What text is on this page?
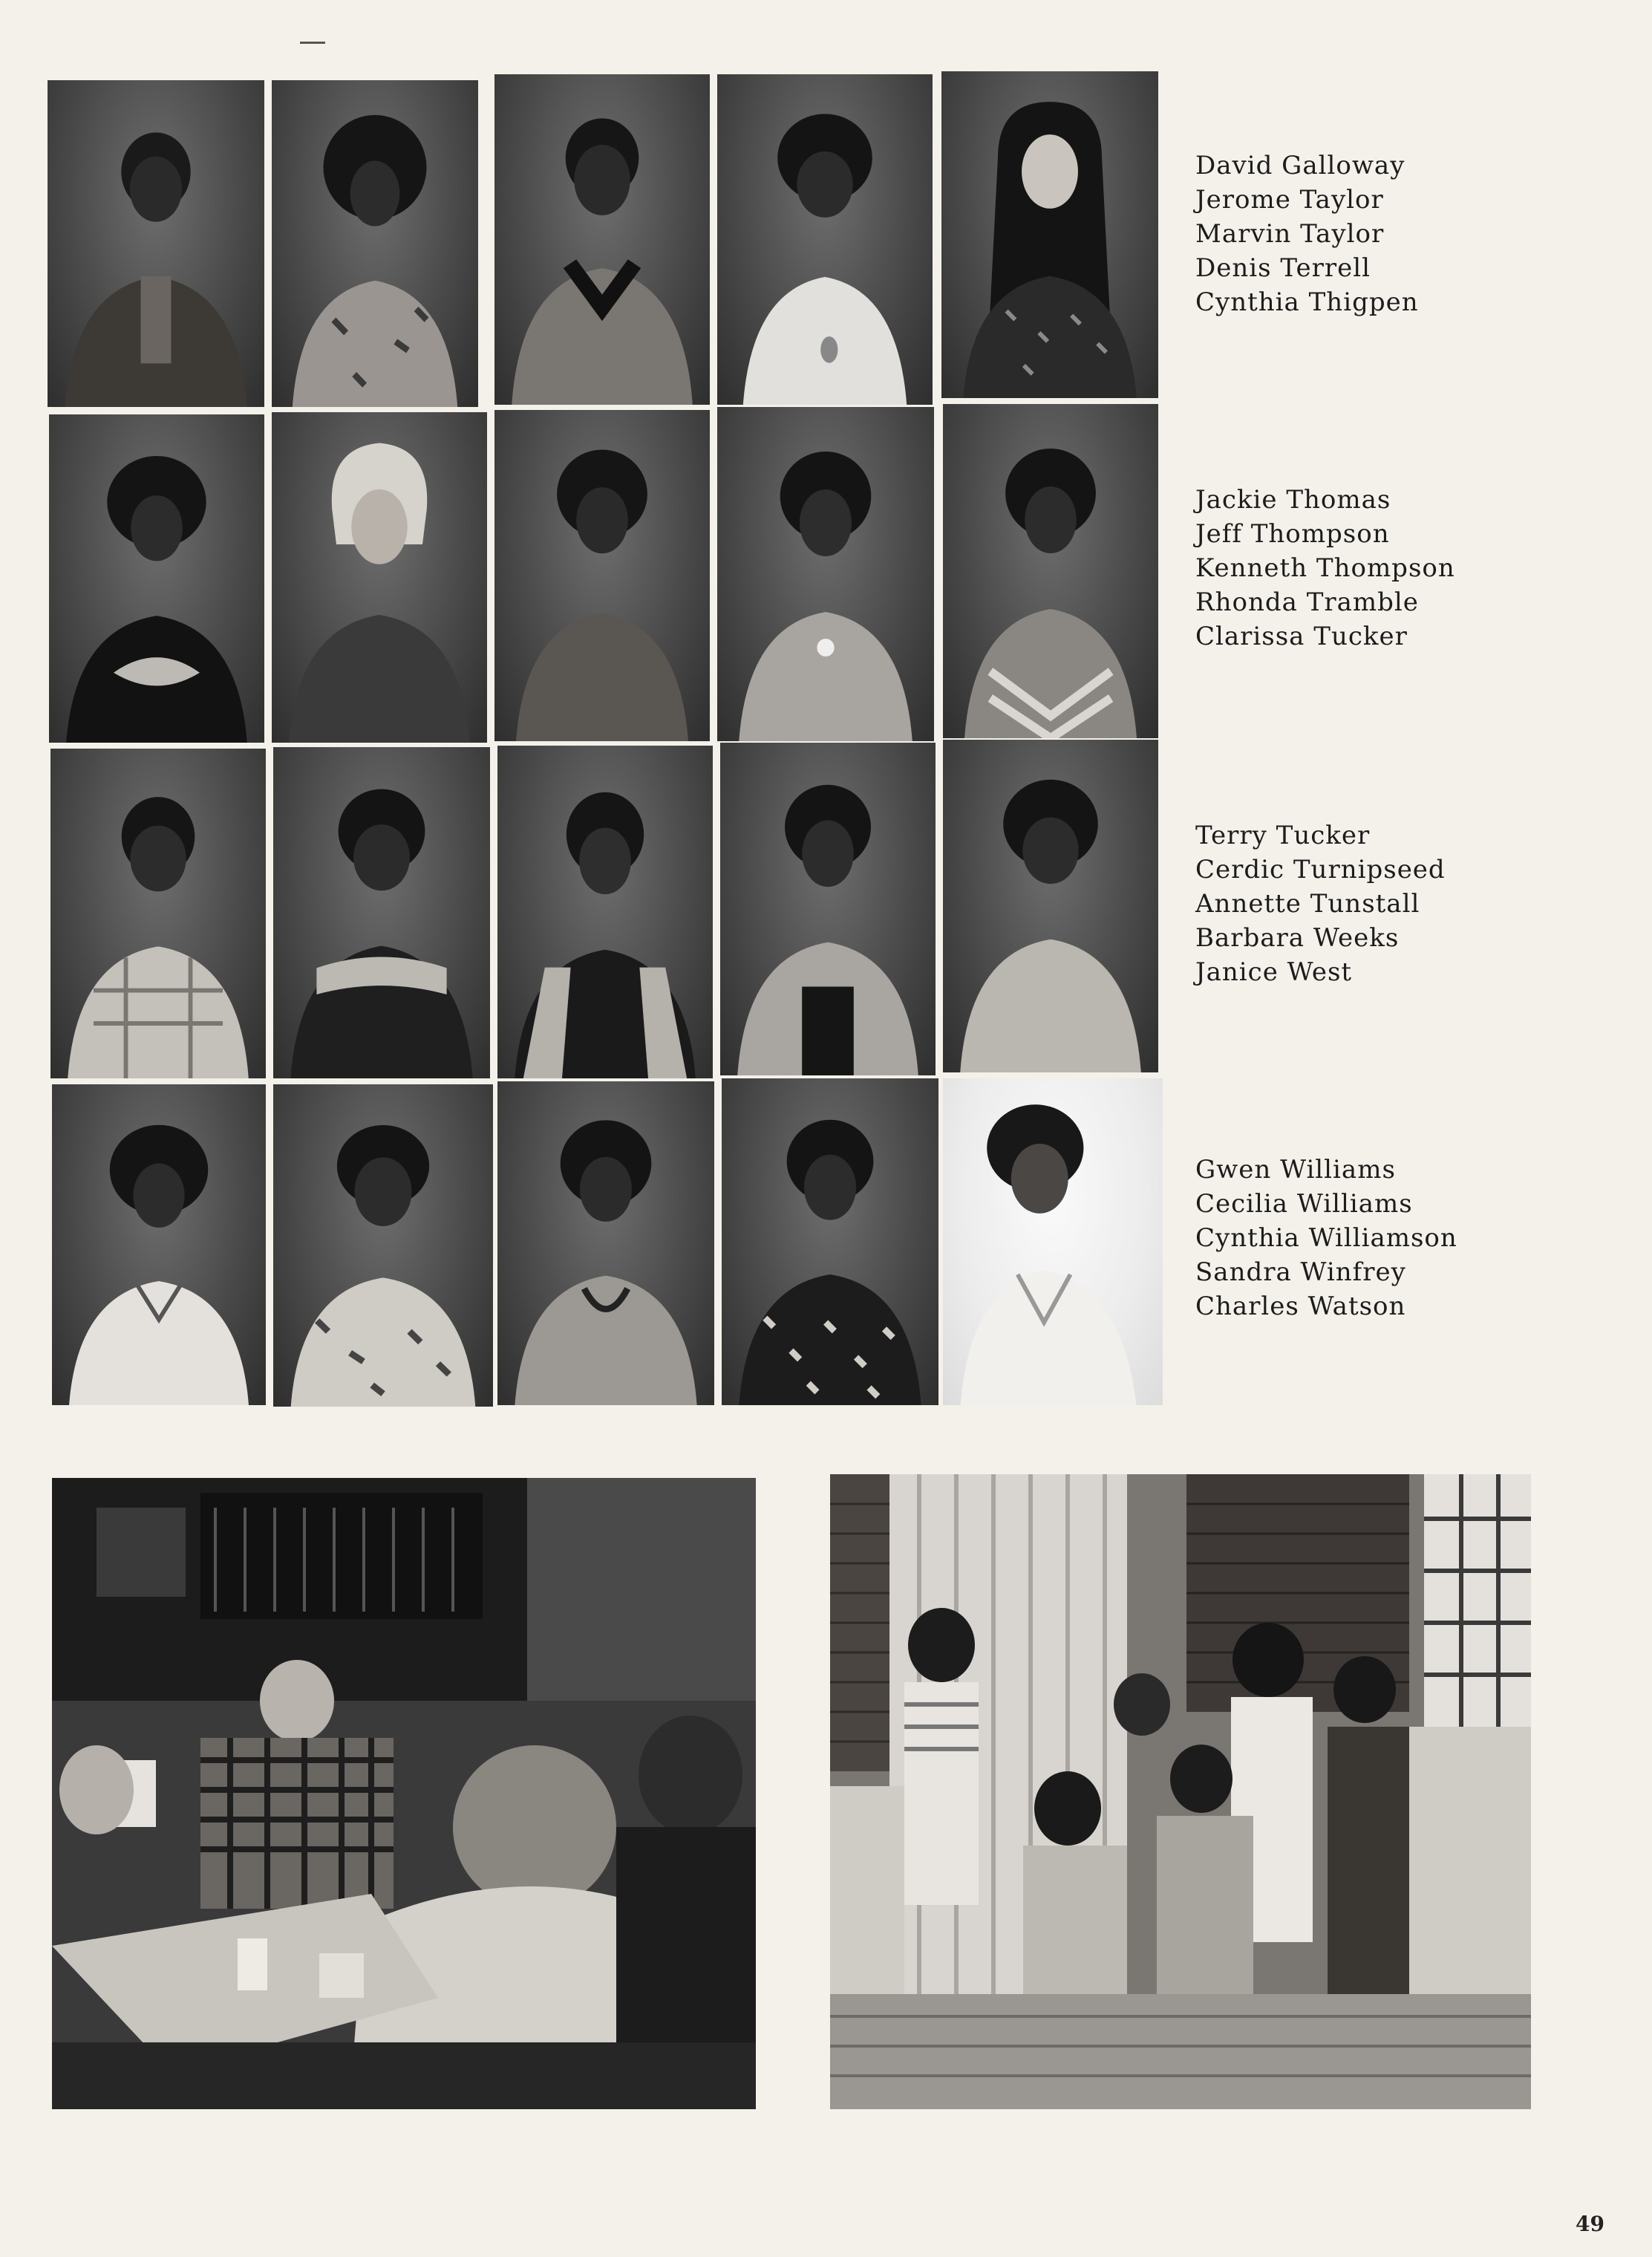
David Galloway
Jerome Taylor
Marvin Taylor
Denis Terrell
Cynthia Thigpen
Jackie Thomas
Jeff Thompson
Kenneth Thompson
Rhonda Tramble
Clarissa Tucker
Terry Tucker
Cerdic Turnipseed
Annette Tunstall
Barbara Weeks
Janice West
Gwen Williams
Cecilia Williams
Cynthia Williamson
Sandra Winfrey
Charles Watson
49
